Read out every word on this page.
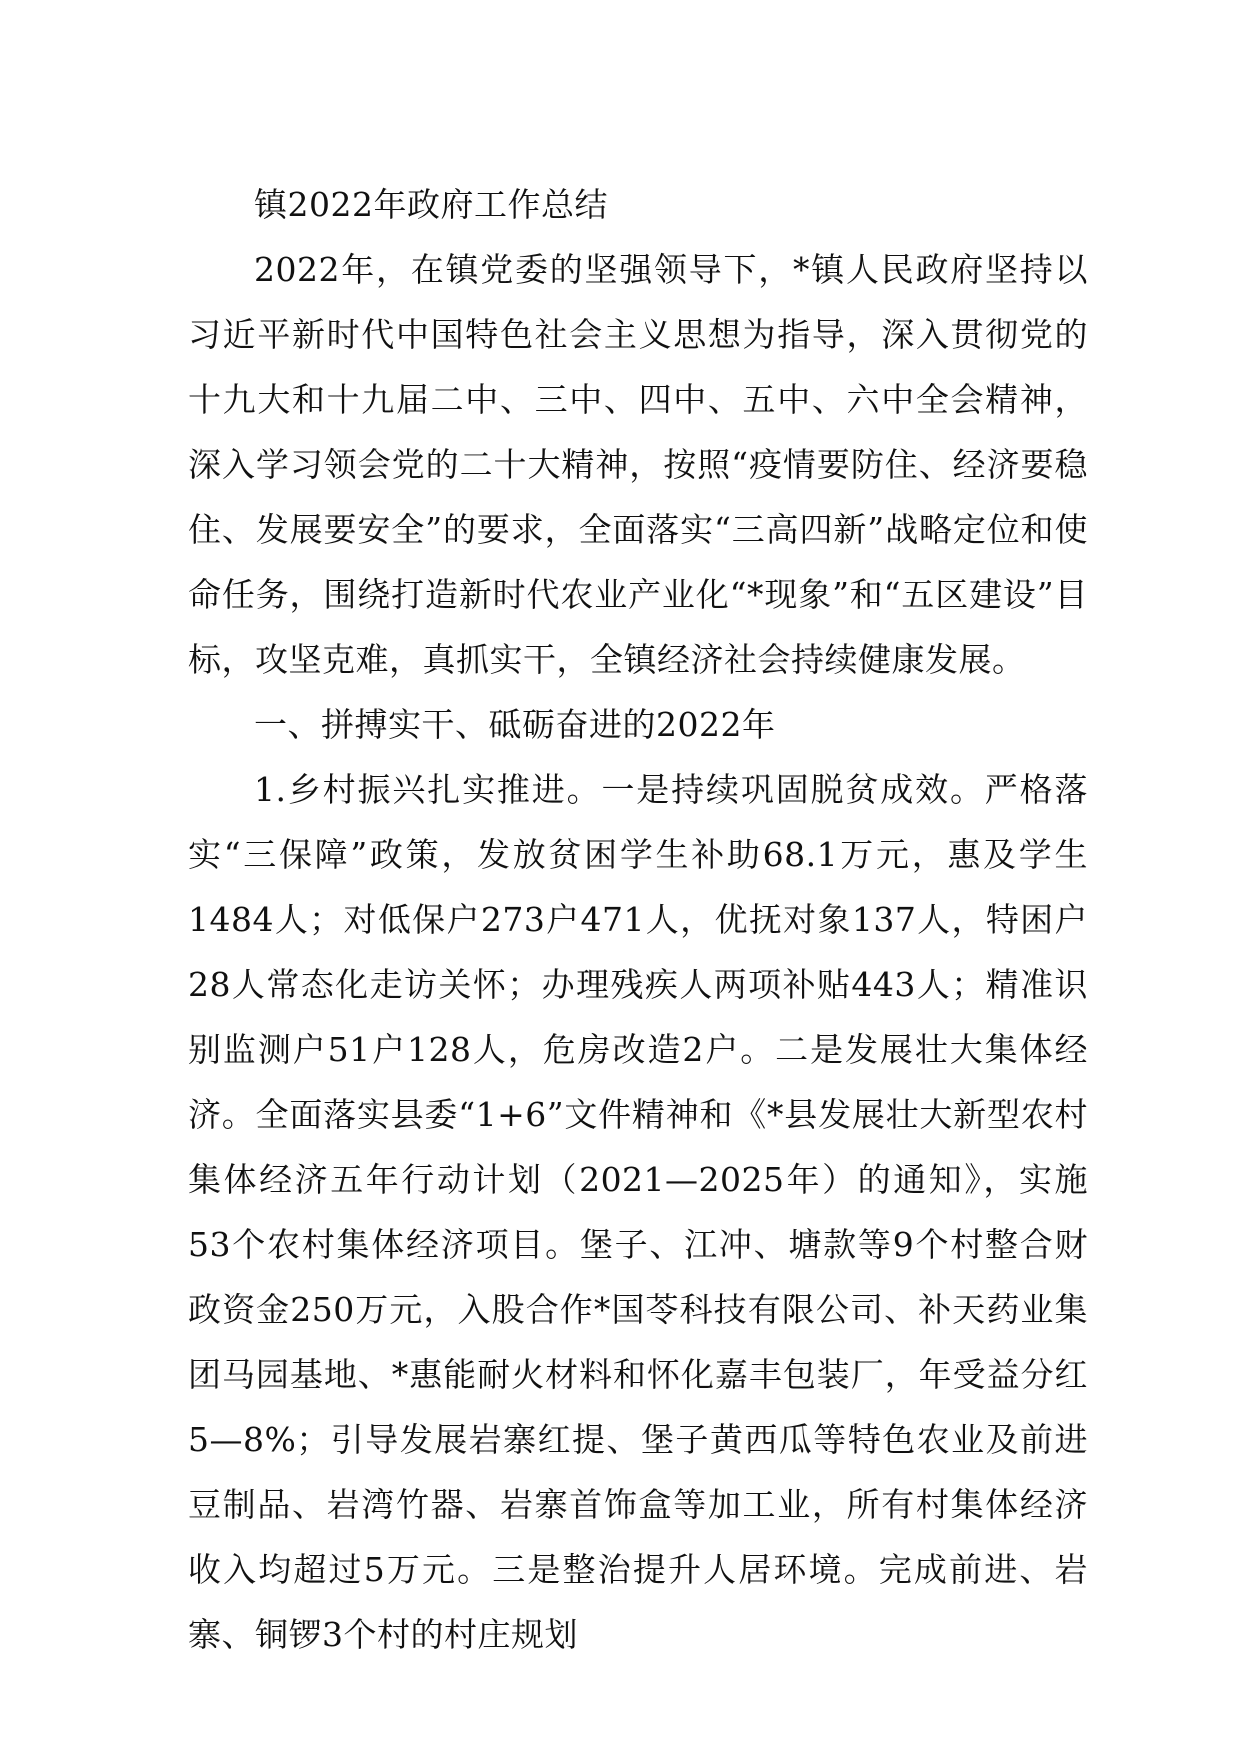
镇2022年政府工作总结

2022年，在镇党委的坚强领导下，*镇人民政府坚持以习近平新时代中国特色社会主义思想为指导，深入贯彻党的十九大和十九届二中、三中、四中、五中、六中全会精神，深入学习领会党的二十大精神，按照“疫情要防住、经济要稳住、发展要安全”的要求，全面落实“三高四新”战略定位和使命任务，围绕打造新时代农业产业化“*现象”和“五区建设”目标，攻坚克难，真抓实干，全镇经济社会持续健康发展。

一、拼搏实干、砥砺奋进的2022年

1.乡村振兴扎实推进。一是持续巩固脱贫成效。严格落实“三保障”政策，发放贫困学生补助68.1万元，惠及学生1484人；对低保户273户471人，优抚对象137人，特困户28人常态化走访关怀；办理残疾人两项补贴443人；精准识别监测户51户128人，危房改造2户。二是发展壮大集体经济。全面落实县委“1+6”文件精神和《*县发展壮大新型农村集体经济五年行动计划（2021—2025年）的通知》，实施53个农村集体经济项目。堡子、江冲、塘款等9个村整合财政资金250万元，入股合作*国苓科技有限公司、补天药业集团马园基地、*惠能耐火材料和怀化嘉丰包装厂，年受益分红5—8%；引导发展岩寨红提、堡子黄西瓜等特色农业及前进豆制品、岩湾竹器、岩寨首饰盒等加工业，所有村集体经济收入均超过5万元。三是整治提升人居环境。完成前进、岩寨、铜锣3个村的村庄规划
